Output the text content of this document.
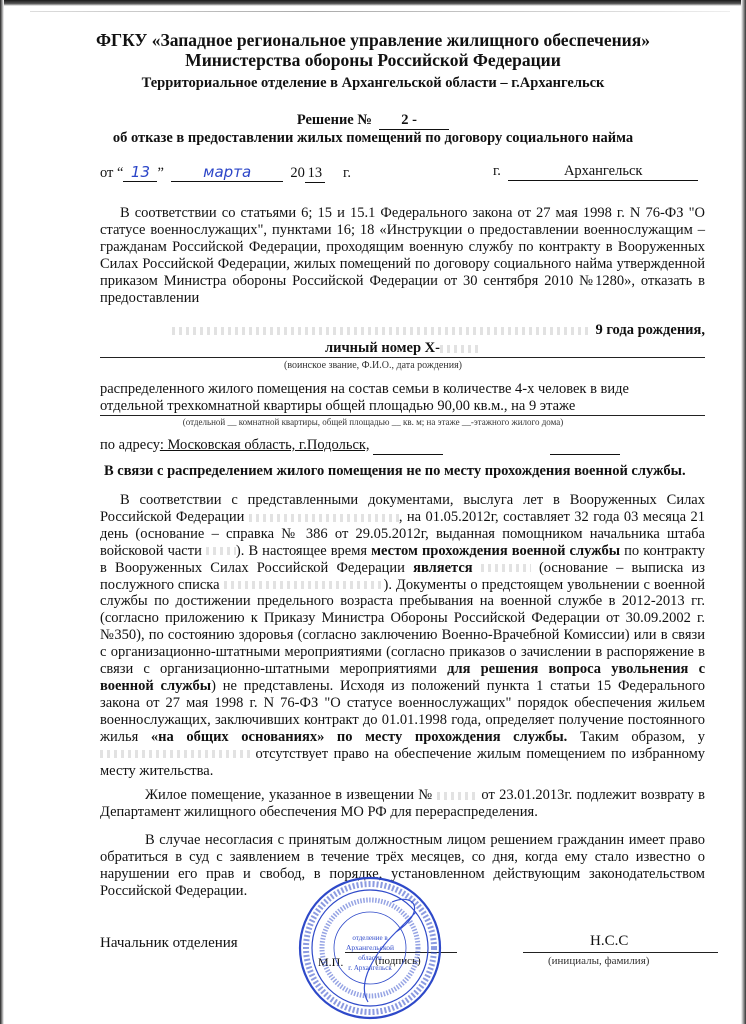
ФГКУ «Западное региональное управление жилищного обеспечения»
Министерства обороны Российской Федерации
Территориальное отделение в Архангельской области – г.Архангельск
Решение № 2 -
об отказе в предоставлении жилых помещений по договору социального найма
от “ 13 ”	марта	20 13 г.	г.	Архангельск

В соответствии со статьями 6; 15 и 15.1 Федерального закона от 27 мая 1998 г. N 76-ФЗ "О статусе военнослужащих", пунктами 16; 18 «Инструкции о предоставлении военнослужащим – гражданам Российской Федерации, проходящим военную службу по контракту в Вооруженных Силах Российской Федерации, жилых помещений по договору социального найма утвержденной приказом Министра обороны Российской Федерации от 30 сентября 2010 №1280», отказать в предоставлении

9 года рождения,
личный номер Х-
(воинское звание, Ф.И.О., дата рождения)
распределенного жилого помещения на состав семьи в количестве 4-х человек в виде
отдельной трехкомнатной квартиры общей площадью 90,00 кв.м., на 9 этаже
(отдельной __ комнатной квартиры, общей площадью __ кв. м; на этаже __-этажного жилого дома)
по адресу: Московская область, г.Подольск,
В связи с распределением жилого помещения не по месту прохождения военной службы.

В соответствии с представленными документами, выслуга лет в Вооруженных Силах Российской Федерации	, на 01.05.2012г, составляет 32 года 03 месяца 21 день (основание – справка № 386 от 29.05.2012г, выданная помощником начальника штаба войсковой части ). В настоящее время местом прохождения военной службы по контракту в Вооруженных Силах Российской Федерации является	(основание – выписка из послужного списка	). Документы о предстоящем увольнении с военной службы по достижении предельного возраста пребывания на военной службе в 2012-2013 гг. (согласно приложению к Приказу Министра Обороны Российской Федерации от 30.09.2002 г. №350), по состоянию здоровья (согласно заключению Военно-Врачебной Комиссии) или в связи с организационно-штатными мероприятиями (согласно приказов о зачислении в распоряжение в связи с организационно-штатными мероприятиями для решения вопроса увольнения с военной службы) не представлены. Исходя из положений пункта 1 статьи 15 Федерального закона от 27 мая 1998 г. N 76-ФЗ "О статусе военнослужащих" порядок обеспечения жильем военнослужащих, заключивших контракт до 01.01.1998 года, определяет получение постоянного жилья «на общих основаниях» по месту прохождения службы. Таким образом, у  отсутствует право на обеспечение жилым помещением по избранному месту жительства.

Жилое помещение, указанное в извещении №	от 23.01.2013г. подлежит возврату в Департамент жилищного обеспечения МО РФ для перераспределения.

В случае несогласия с принятым должностным лицом решением гражданин имеет право обратиться в суд с заявлением в течение трёх месяцев, со дня, когда ему стало известно о нарушении его прав и свобод, в порядке, установленном действующим законодательством Российской Федерации.

Начальник отделения
М.П.	(подпись)
Н.С.С
(инициалы, фамилия)
отделение в
Архангельской
области
г. Архангельск
